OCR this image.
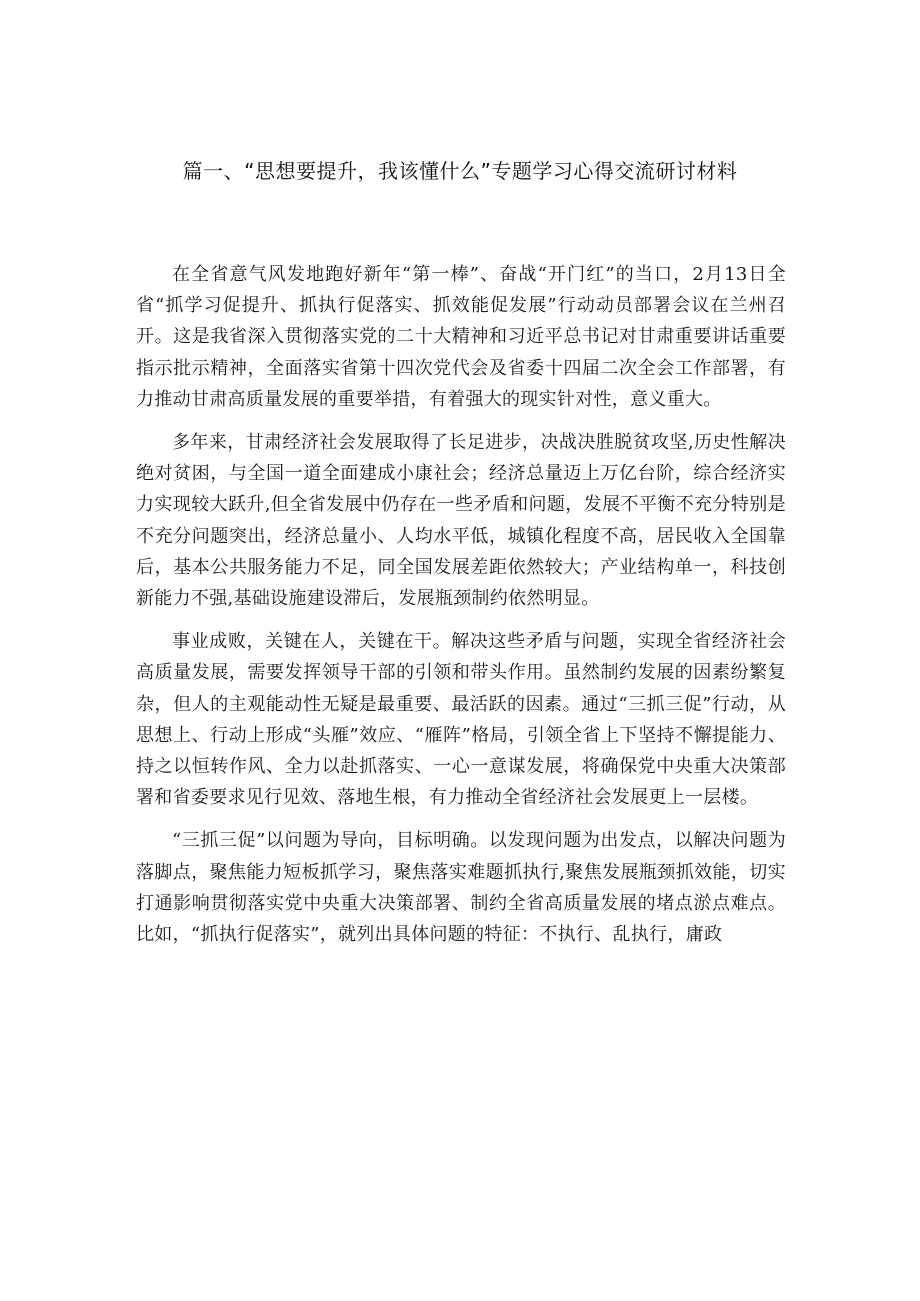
篇一、“思想要提升，我该懂什么”专题学习心得交流研讨材料

在全省意气风发地跑好新年“第一棒”、奋战“开门红”的当口，2月13日全省“抓学习促提升、抓执行促落实、抓效能促发展”行动动员部署会议在兰州召开。这是我省深入贯彻落实党的二十大精神和习近平总书记对甘肃重要讲话重要指示批示精神，全面落实省第十四次党代会及省委十四届二次全会工作部署，有力推动甘肃高质量发展的重要举措，有着强大的现实针对性，意义重大。

多年来，甘肃经济社会发展取得了长足进步，决战决胜脱贫攻坚,历史性解决绝对贫困，与全国一道全面建成小康社会；经济总量迈上万亿台阶，综合经济实力实现较大跃升,但全省发展中仍存在一些矛盾和问题，发展不平衡不充分特别是不充分问题突出，经济总量小、人均水平低，城镇化程度不高，居民收入全国靠后，基本公共服务能力不足，同全国发展差距依然较大；产业结构单一，科技创新能力不强,基础设施建设滞后，发展瓶颈制约依然明显。

事业成败，关键在人，关键在干。解决这些矛盾与问题，实现全省经济社会高质量发展，需要发挥领导干部的引领和带头作用。虽然制约发展的因素纷繁复杂，但人的主观能动性无疑是最重要、最活跃的因素。通过“三抓三促”行动，从思想上、行动上形成“头雁”效应、“雁阵”格局，引领全省上下坚持不懈提能力、持之以恒转作风、全力以赴抓落实、一心一意谋发展，将确保党中央重大决策部署和省委要求见行见效、落地生根，有力推动全省经济社会发展更上一层楼。

“三抓三促”以问题为导向，目标明确。以发现问题为出发点，以解决问题为落脚点，聚焦能力短板抓学习，聚焦落实难题抓执行,聚焦发展瓶颈抓效能，切实打通影响贯彻落实党中央重大决策部署、制约全省高质量发展的堵点淤点难点。比如，“抓执行促落实”，就列出具体问题的特征：不执行、乱执行，庸政
